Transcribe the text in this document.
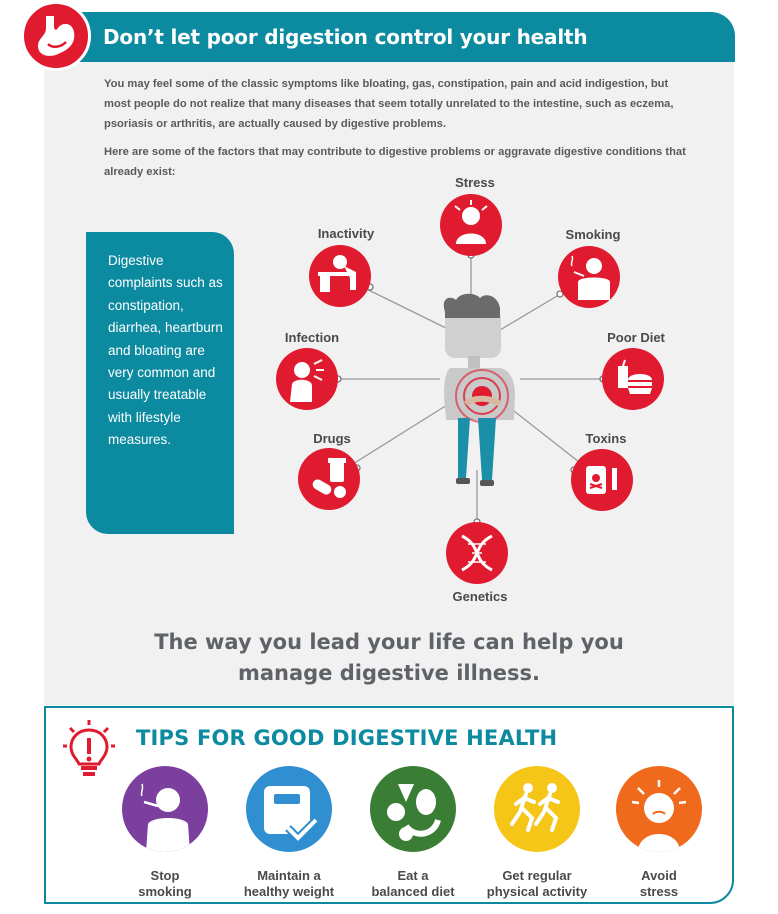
Don’t let poor digestion control your health

You may feel some of the classic symptoms like bloating, gas, constipation, pain and acid indigestion, but most people do not realize that many diseases that seem totally unrelated to the intestine, such as eczema, psoriasis or arthritis, are actually caused by digestive problems.

Here are some of the factors that may contribute to digestive problems or aggravate digestive conditions that already exist:

Digestive complaints such as constipation, diarrhea, heartburn and bloating are very common and usually treatable with lifestyle measures.
Stress
Smoking
Poor Diet
Toxins
Genetics
Drugs
Infection
Inactivity
The way you lead your life can help you
manage digestive illness.
TIPS FOR GOOD DIGESTIVE HEALTH
Stop
smoking
Maintain a
healthy weight
Eat a
balanced diet
Get regular
physical activity
Avoid
stress
